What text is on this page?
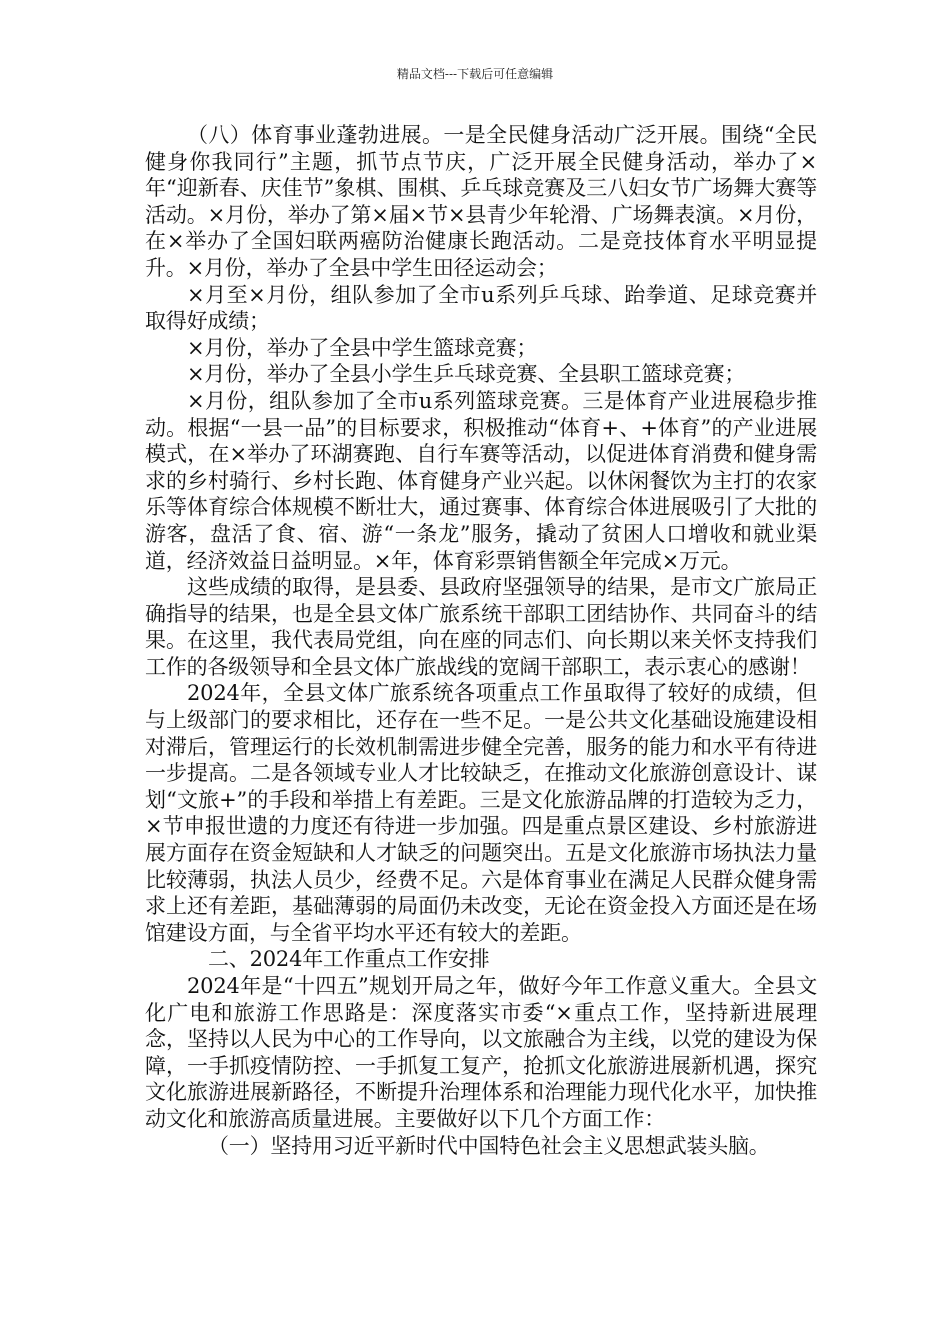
精品文档---下载后可任意编辑

（八）体育事业蓬勃进展。一是全民健身活动广泛开展。围绕“全民健身你我同行”主题，抓节点节庆，广泛开展全民健身活动，举办了×年“迎新春、庆佳节”象棋、围棋、乒乓球竞赛及三八妇女节广场舞大赛等活动。×月份，举办了第×届×节×县青少年轮滑、广场舞表演。×月份，在×举办了全国妇联两癌防治健康长跑活动。二是竞技体育水平明显提升。×月份，举办了全县中学生田径运动会；

×月至×月份，组队参加了全市u系列乒乓球、跆拳道、足球竞赛并取得好成绩；

×月份，举办了全县中学生篮球竞赛；

×月份，举办了全县小学生乒乓球竞赛、全县职工篮球竞赛；

×月份，组队参加了全市u系列篮球竞赛。三是体育产业进展稳步推动。根据“一县一品”的目标要求，积极推动“体育+、+体育”的产业进展模式，在×举办了环湖赛跑、自行车赛等活动，以促进体育消费和健身需求的乡村骑行、乡村长跑、体育健身产业兴起。以休闲餐饮为主打的农家乐等体育综合体规模不断壮大，通过赛事、体育综合体进展吸引了大批的游客，盘活了食、宿、游“一条龙”服务，撬动了贫困人口增收和就业渠道，经济效益日益明显。×年，体育彩票销售额全年完成×万元。

这些成绩的取得，是县委、县政府坚强领导的结果，是市文广旅局正确指导的结果，也是全县文体广旅系统干部职工团结协作、共同奋斗的结果。在这里，我代表局党组，向在座的同志们、向长期以来关怀支持我们工作的各级领导和全县文体广旅战线的宽阔干部职工，表示衷心的感谢！

2024年，全县文体广旅系统各项重点工作虽取得了较好的成绩，但与上级部门的要求相比，还存在一些不足。一是公共文化基础设施建设相对滞后，管理运行的长效机制需进步健全完善，服务的能力和水平有待进一步提高。二是各领域专业人才比较缺乏，在推动文化旅游创意设计、谋划“文旅+”的手段和举措上有差距。三是文化旅游品牌的打造较为乏力，×节申报世遗的力度还有待进一步加强。四是重点景区建设、乡村旅游进展方面存在资金短缺和人才缺乏的问题突出。五是文化旅游市场执法力量比较薄弱，执法人员少，经费不足。六是体育事业在满足人民群众健身需求上还有差距，基础薄弱的局面仍未改变，无论在资金投入方面还是在场馆建设方面，与全省平均水平还有较大的差距。

二、2024年工作重点工作安排

2024年是“十四五”规划开局之年，做好今年工作意义重大。全县文化广电和旅游工作思路是：深度落实市委“×重点工作，坚持新进展理念，坚持以人民为中心的工作导向，以文旅融合为主线，以党的建设为保障，一手抓疫情防控、一手抓复工复产，抢抓文化旅游进展新机遇，探究文化旅游进展新路径，不断提升治理体系和治理能力现代化水平，加快推动文化和旅游高质量进展。主要做好以下几个方面工作：

（一）坚持用习近平新时代中国特色社会主义思想武装头脑。
